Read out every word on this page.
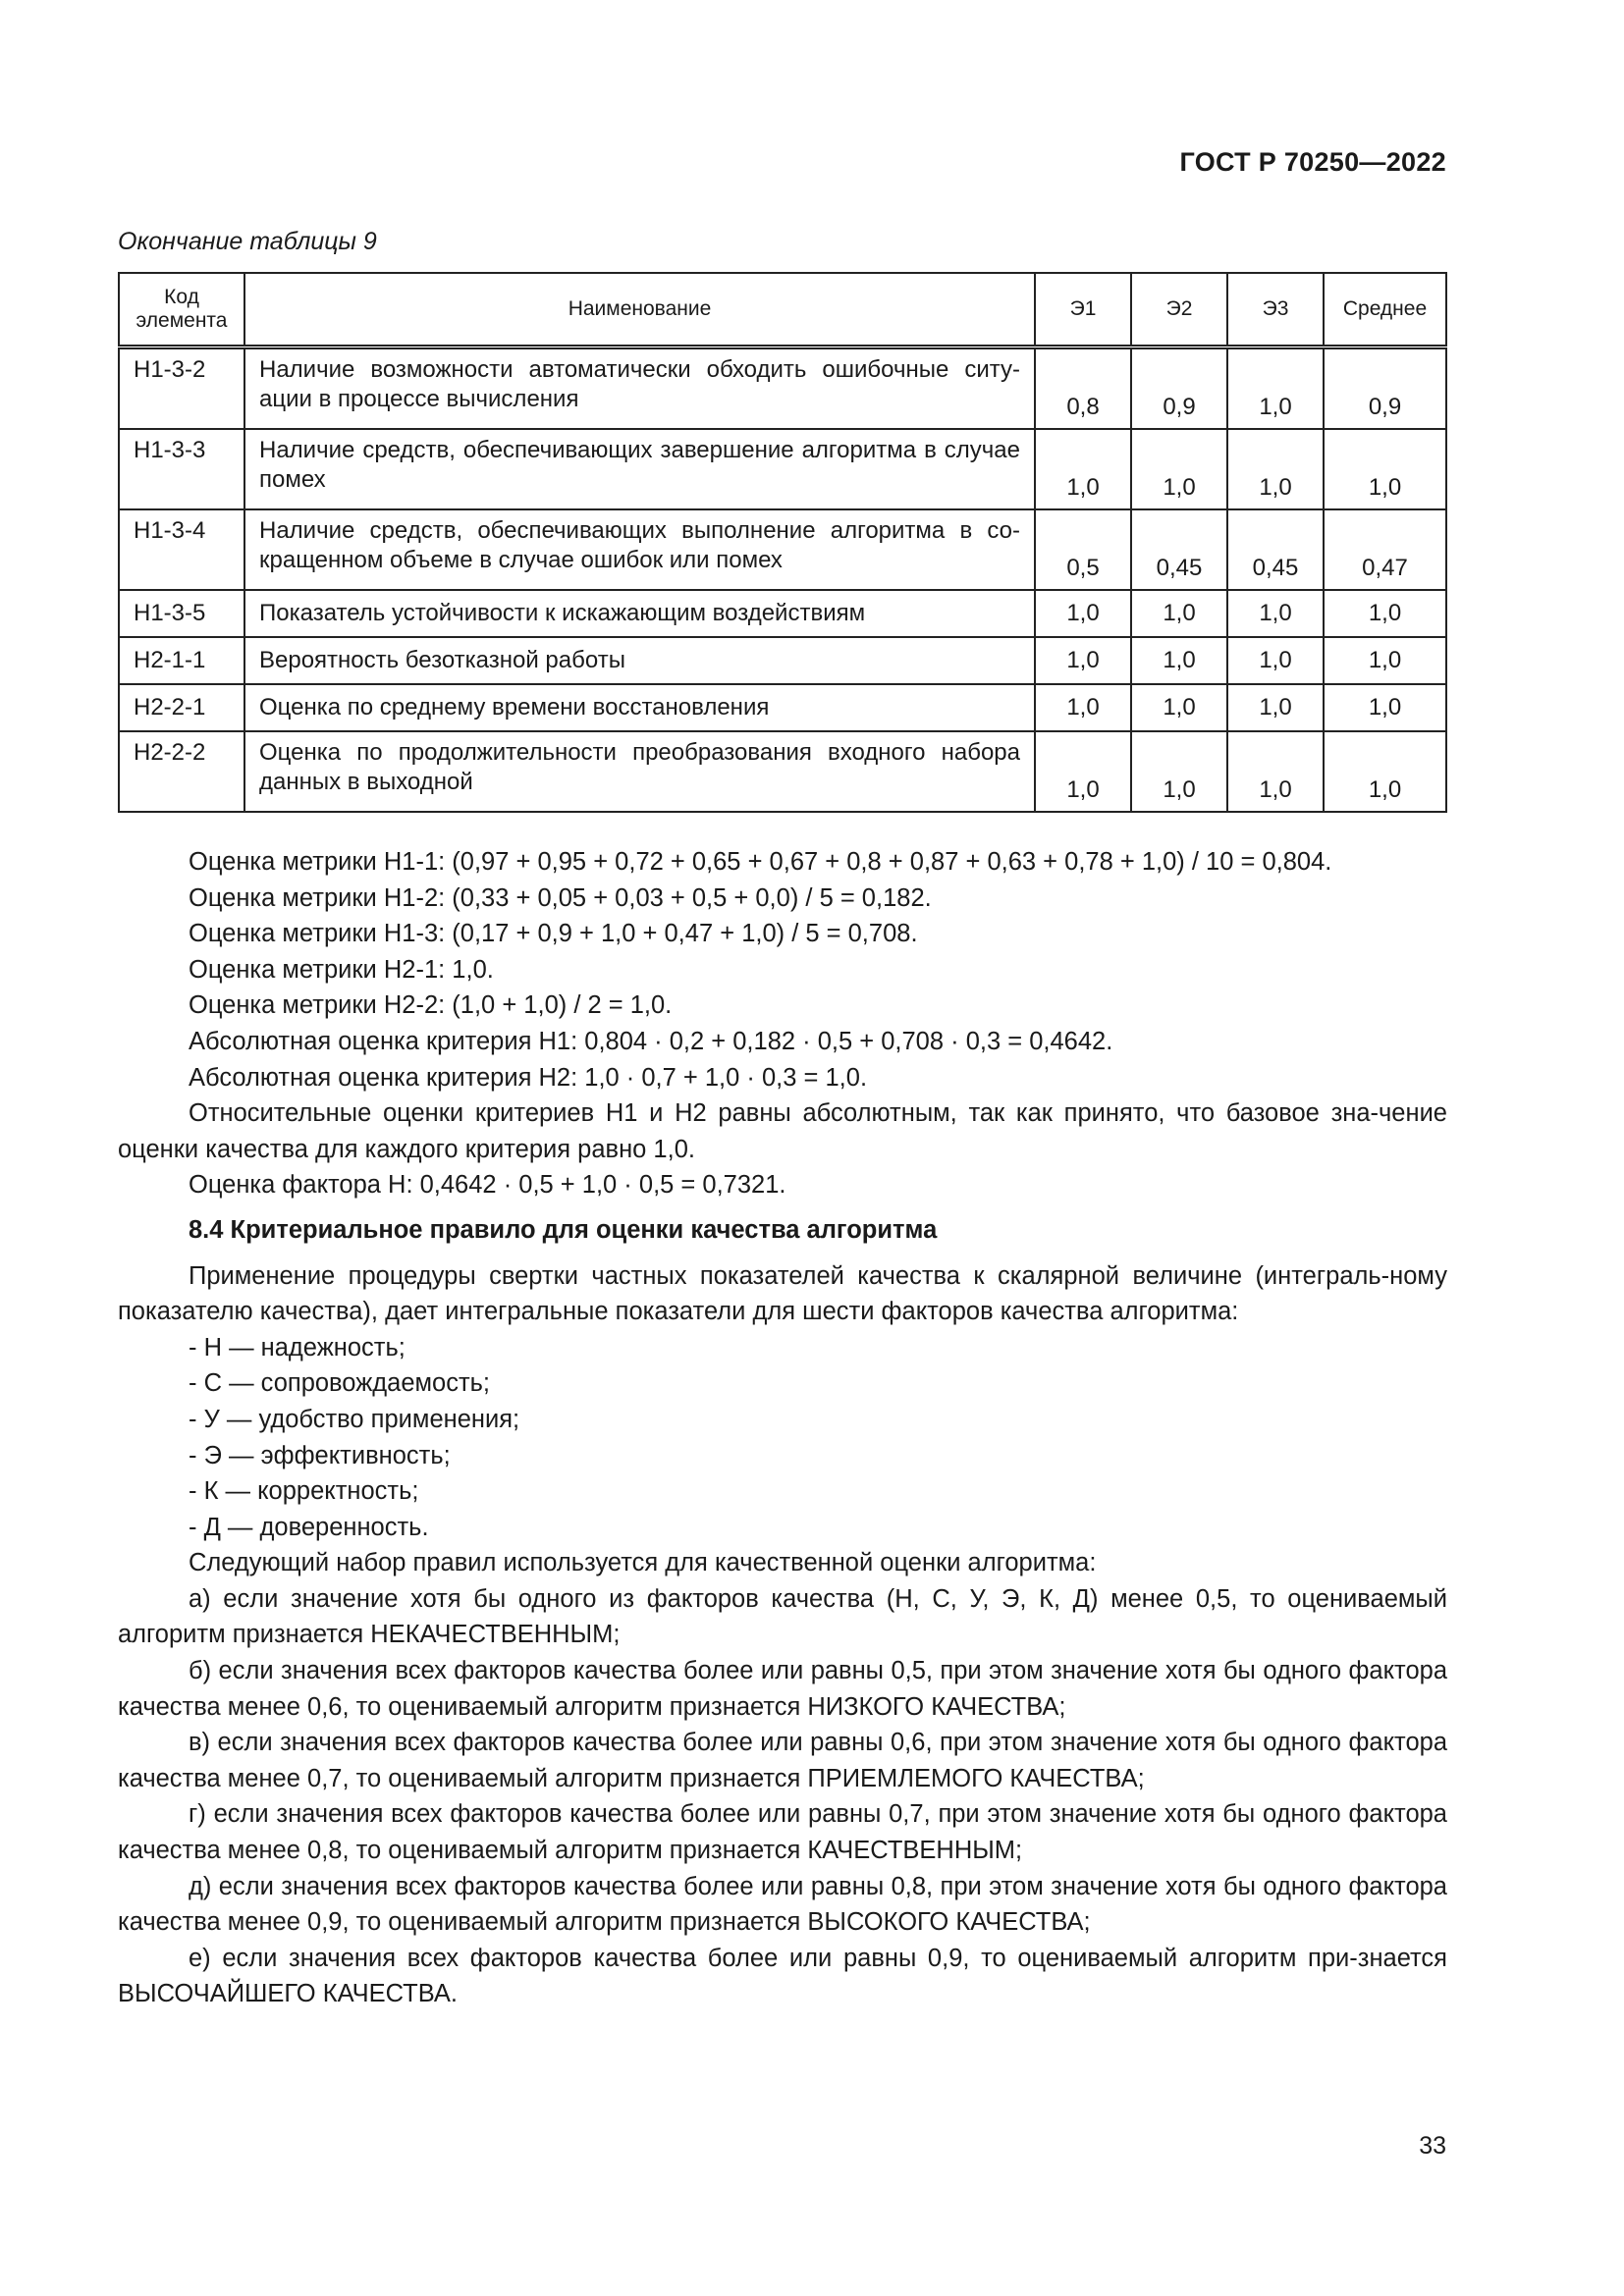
ГОСТ Р 70250—2022
Окончание таблицы 9
Код элемента	Наименование	Э1	Э2	Э3	Среднее
Н1-3-2	Наличие возможности автоматически обходить ошибочные ситу-ации в процессе вычисления	0,8	0,9	1,0	0,9
Н1-3-3	Наличие средств, обеспечивающих завершение алгоритма в случае помех	1,0	1,0	1,0	1,0
Н1-3-4	Наличие средств, обеспечивающих выполнение алгоритма в со-кращенном объеме в случае ошибок или помех	0,5	0,45	0,45	0,47
Н1-3-5	Показатель устойчивости к искажающим воздействиям	1,0	1,0	1,0	1,0
Н2-1-1	Вероятность безотказной работы	1,0	1,0	1,0	1,0
Н2-2-1	Оценка по среднему времени восстановления	1,0	1,0	1,0	1,0
Н2-2-2	Оценка по продолжительности преобразования входного набора данных в выходной	1,0	1,0	1,0	1,0

Оценка метрики Н1-1: (0,97 + 0,95 + 0,72 + 0,65 + 0,67 + 0,8 + 0,87 + 0,63 + 0,78 + 1,0) / 10 = 0,804.

Оценка метрики Н1-2: (0,33 + 0,05 + 0,03 + 0,5 + 0,0) / 5 = 0,182.

Оценка метрики Н1-3: (0,17 + 0,9 + 1,0 + 0,47 + 1,0) / 5 = 0,708.

Оценка метрики Н2-1: 1,0.

Оценка метрики Н2-2: (1,0 + 1,0) / 2 = 1,0.

Абсолютная оценка критерия Н1: 0,804 · 0,2 + 0,182 · 0,5 + 0,708 · 0,3 = 0,4642.

Абсолютная оценка критерия Н2: 1,0 · 0,7 + 1,0 · 0,3 = 1,0.

Относительные оценки критериев Н1 и Н2 равны абсолютным, так как принято, что базовое зна-чение оценки качества для каждого критерия равно 1,0.

Оценка фактора Н: 0,4642 · 0,5 + 1,0 · 0,5 = 0,7321.

8.4 Критериальное правило для оценки качества алгоритма

Применение процедуры свертки частных показателей качества к скалярной величине (интеграль-ному показателю качества), дает интегральные показатели для шести факторов качества алгоритма:

- Н — надежность;

- С — сопровождаемость;

- У — удобство применения;

- Э — эффективность;

- К — корректность;

- Д — доверенность.

Следующий набор правил используется для качественной оценки алгоритма:

а) если значение хотя бы одного из факторов качества (Н, С, У, Э, К, Д) менее 0,5, то оцениваемый алгоритм признается НЕКАЧЕСТВЕННЫМ;

б) если значения всех факторов качества более или равны 0,5, при этом значение хотя бы одного фактора качества менее 0,6, то оцениваемый алгоритм признается НИЗКОГО КАЧЕСТВА;

в) если значения всех факторов качества более или равны 0,6, при этом значение хотя бы одного фактора качества менее 0,7, то оцениваемый алгоритм признается ПРИЕМЛЕМОГО КАЧЕСТВА;

г) если значения всех факторов качества более или равны 0,7, при этом значение хотя бы одного фактора качества менее 0,8, то оцениваемый алгоритм признается КАЧЕСТВЕННЫМ;

д) если значения всех факторов качества более или равны 0,8, при этом значение хотя бы одного фактора качества менее 0,9, то оцениваемый алгоритм признается ВЫСОКОГО КАЧЕСТВА;

е) если значения всех факторов качества более или равны 0,9, то оцениваемый алгоритм при-знается ВЫСОЧАЙШЕГО КАЧЕСТВА.

33
